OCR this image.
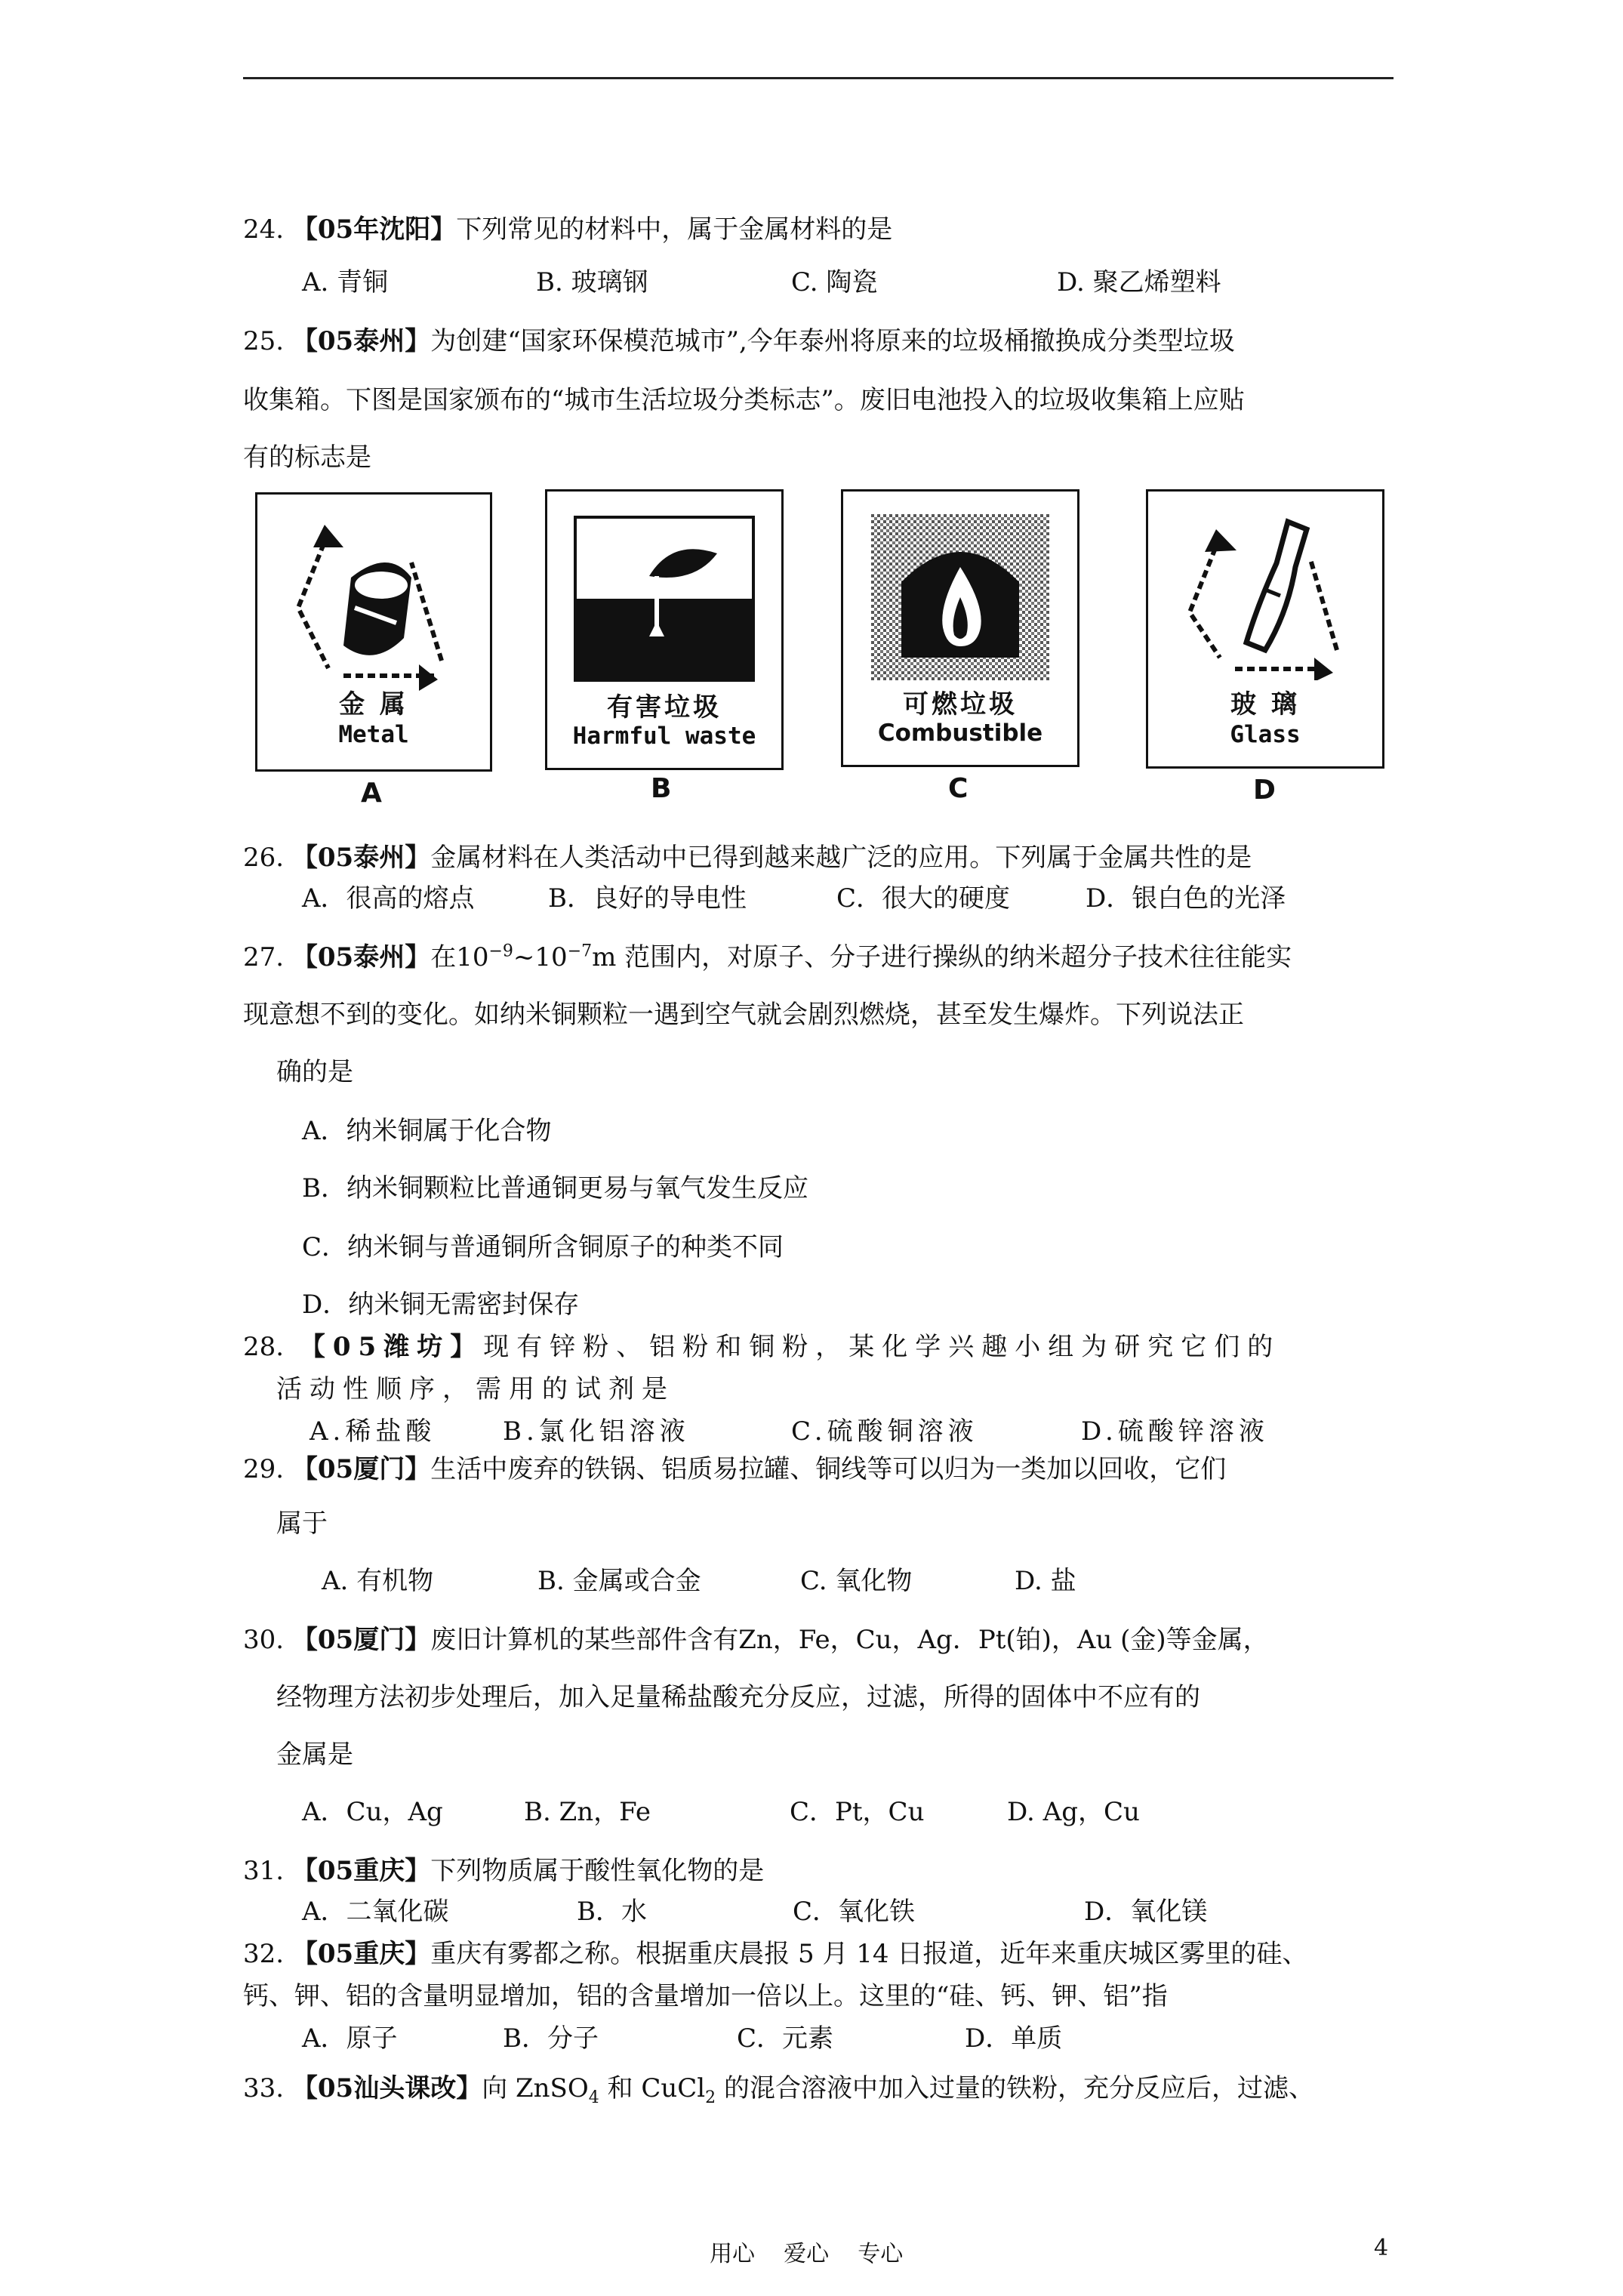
24. 【05年沈阳】下列常见的材料中，属于金属材料的是
A. 青铜	B. 玻璃钢	C. 陶瓷	D. 聚乙烯塑料
25. 【05泰州】为创建“国家环保模范城市”,今年泰州将原来的垃圾桶撤换成分类型垃圾
收集箱。下图是国家颁布的“城市生活垃圾分类标志”。废旧电池投入的垃圾收集箱上应贴
有的标志是
金 属
Metal
A
有害垃圾
Harmful waste
B
可燃垃圾
Combustible
C
玻 璃
Glass
D
26. 【05泰州】金属材料在人类活动中已得到越来越广泛的应用。下列属于金属共性的是
A．很高的熔点	B．良好的导电性	C．很大的硬度	D．银白色的光泽
27. 【05泰州】在$10^{-9}\sim 10^{-7}m$ 范围内，对原子、分子进行操纵的纳米超分子技术往往能实
现意想不到的变化。如纳米铜颗粒一遇到空气就会剧烈燃烧，甚至发生爆炸。下列说法正
确的是
A．纳米铜属于化合物
B．纳米铜颗粒比普通铜更易与氧气发生反应
C．纳米铜与普通铜所含铜原子的种类不同
D．纳米铜无需密封保存
28. 【05潍坊】现有锌粉、铝粉和铜粉，某化学兴趣小组为研究它们的
活动性顺序，需用的试剂是
A.稀盐酸	B.氯化铝溶液	C.硫酸铜溶液	D.硫酸锌溶液
29. 【05厦门】生活中废弃的铁锅、铝质易拉罐、铜线等可以归为一类加以回收，它们
属于
A. 有机物	B. 金属或合金	C. 氧化物	D. 盐
30. 【05厦门】废旧计算机的某些部件含有Zn，Fe，Cu，Ag．Pt(铂)，Au (金)等金属，
经物理方法初步处理后，加入足量稀盐酸充分反应，过滤，所得的固体中不应有的
金属是
A．Cu，Ag	B. Zn，Fe	C．Pt，Cu	D. Ag，Cu
31. 【05重庆】下列物质属于酸性氧化物的是
A．二氧化碳	B．水	C．氧化铁	D．氧化镁
32. 【05重庆】重庆有雾都之称。根据重庆晨报 5 月 14 日报道，近年来重庆城区雾里的硅、
钙、钾、铝的含量明显增加，铝的含量增加一倍以上。这里的“硅、钙、钾、铝”指
A．原子	B．分子	C．元素	D．单质
33. 【05汕头课改】向 ZnSO$_4$ 和 CuCl$_2$ 的混合溶液中加入过量的铁粉，充分反应后，过滤、
用心    爱心    专心	4
